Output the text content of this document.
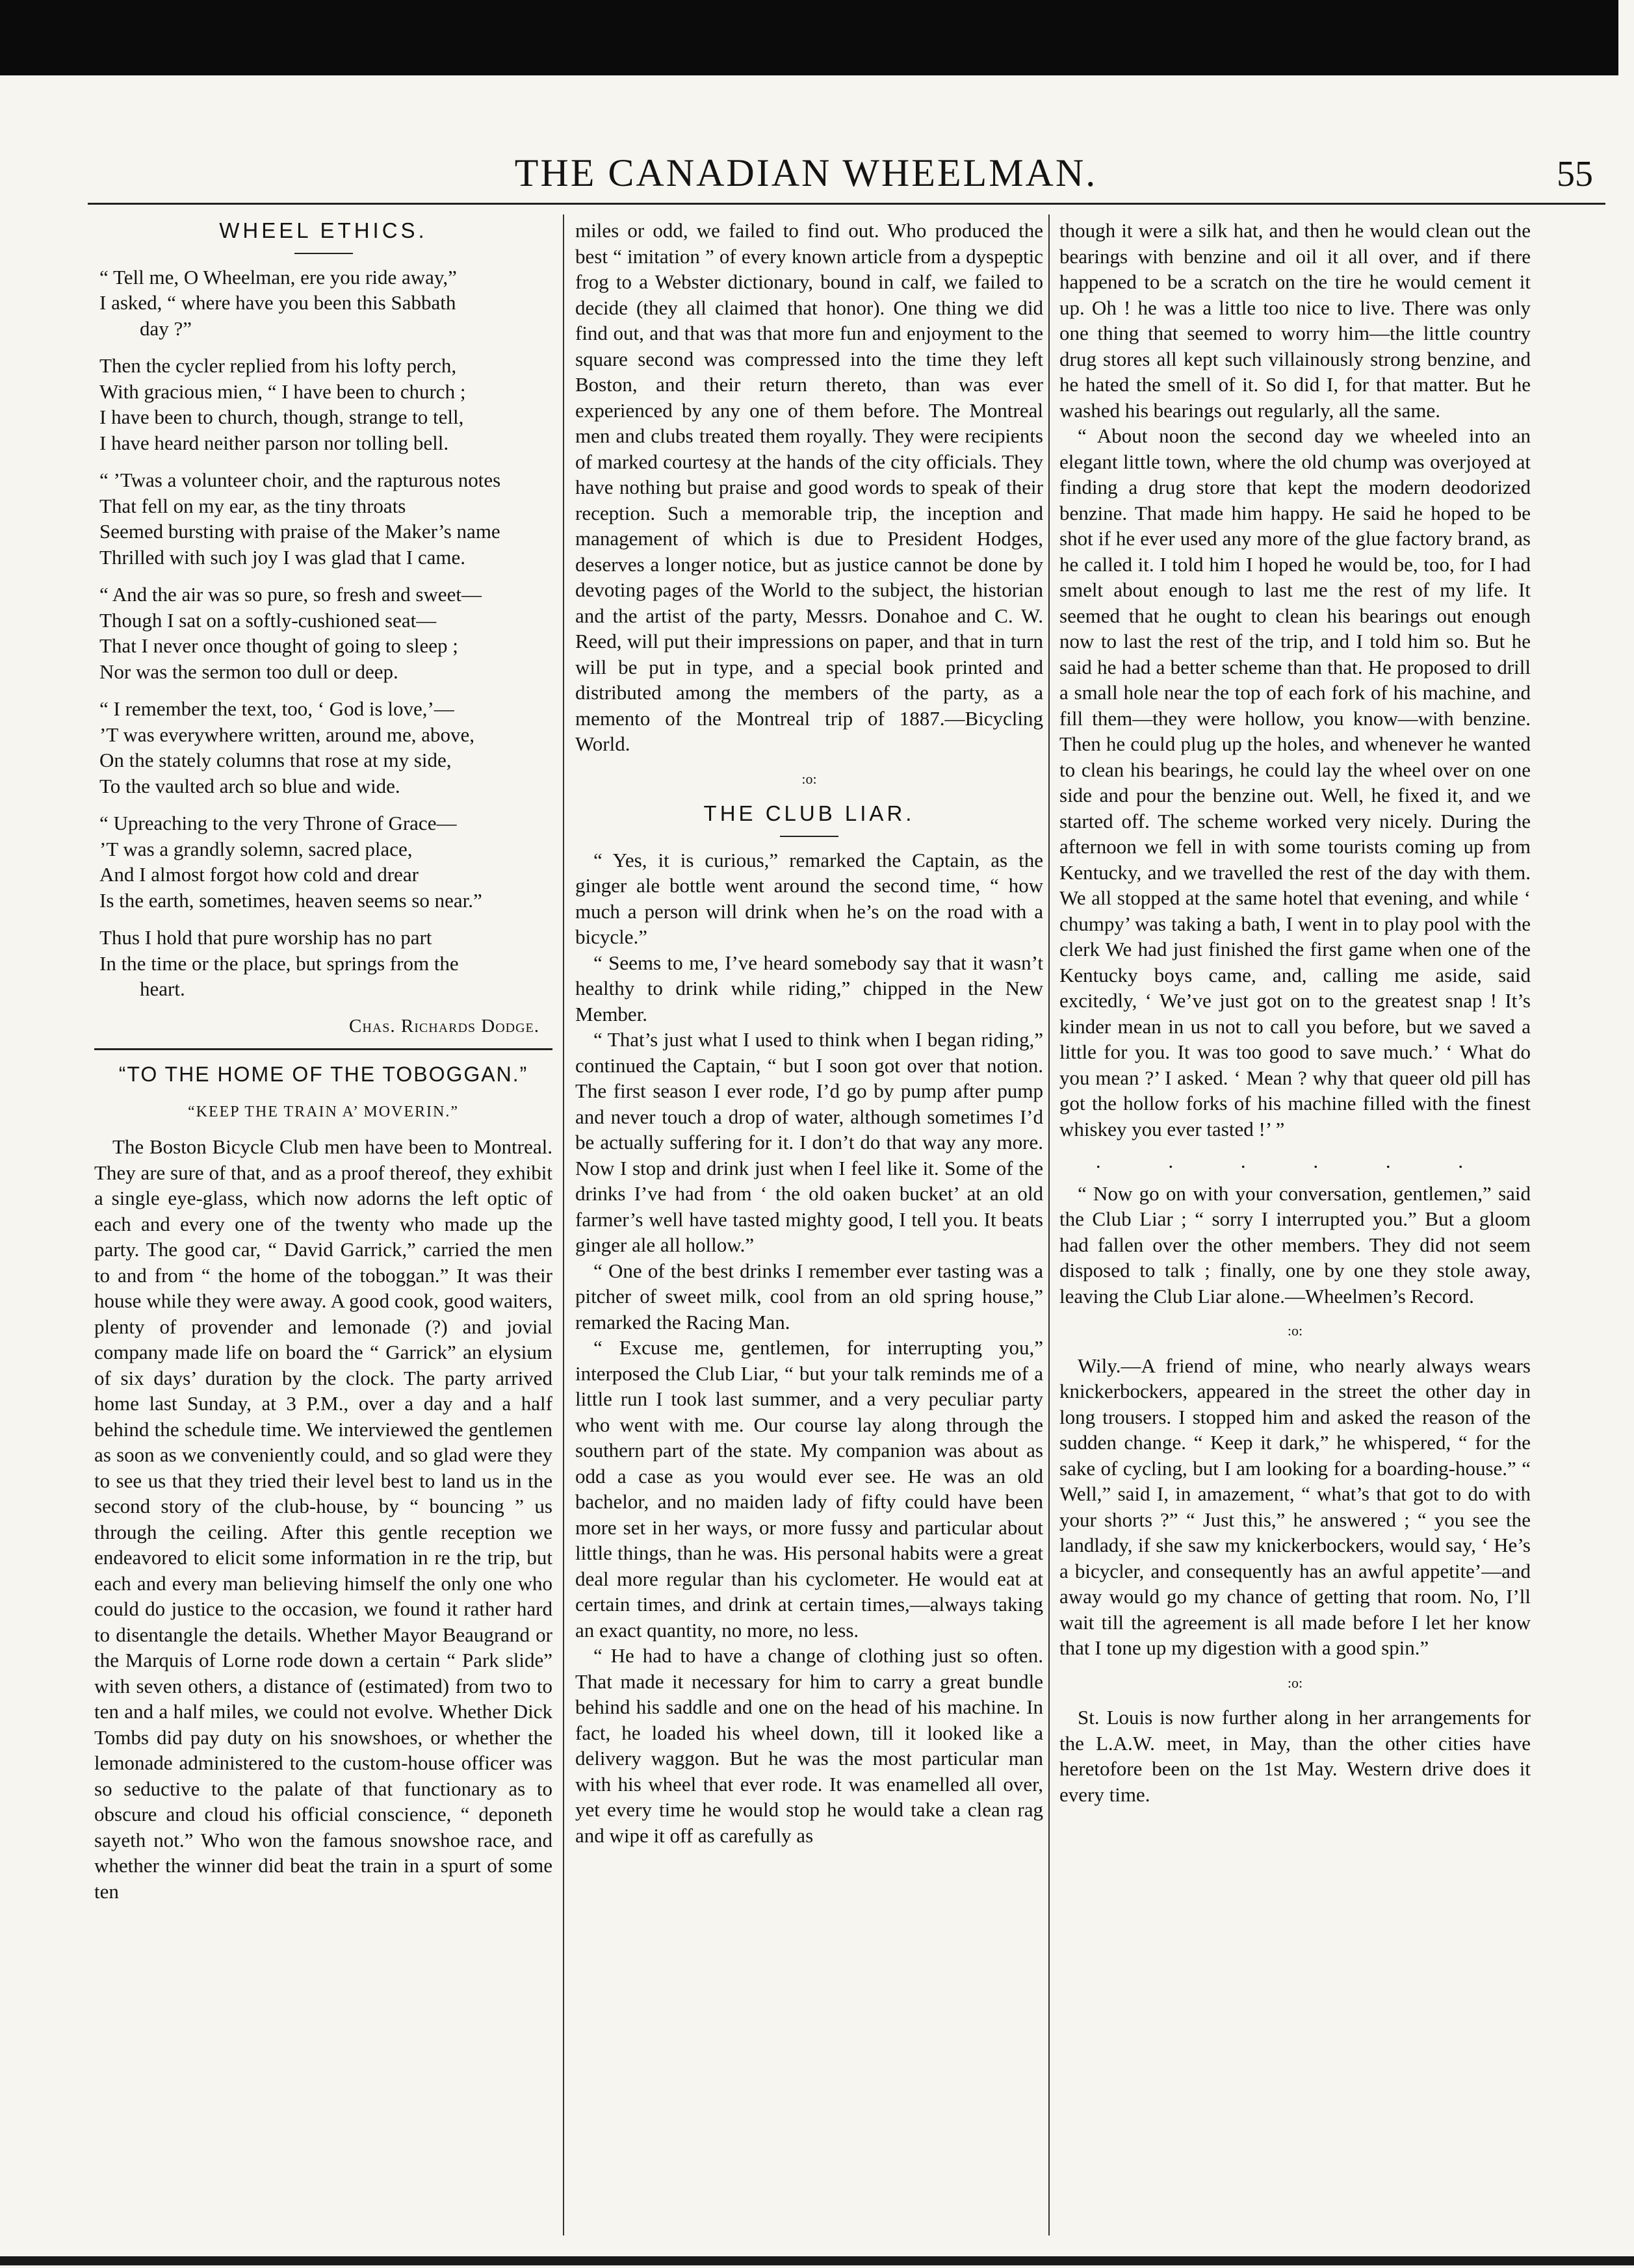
THE CANADIAN WHEELMAN.	55
WHEEL ETHICS.
“ Tell me, O Wheelman, ere you ride away,”
I asked, “ where have you been this Sabbath
day ?”
Then the cycler replied from his lofty perch,
With gracious mien, “ I have been to church ;
I have been to church, though, strange to tell,
I have heard neither parson nor tolling bell.
“ ’Twas a volunteer choir, and the rapturous notes
That fell on my ear, as the tiny throats
Seemed bursting with praise of the Maker’s name
Thrilled with such joy I was glad that I came.
“ And the air was so pure, so fresh and sweet—
Though I sat on a softly-cushioned seat—
That I never once thought of going to sleep ;
Nor was the sermon too dull or deep.
“ I remember the text, too, ‘ God is love,’—
’T was everywhere written, around me, above,
On the stately columns that rose at my side,
To the vaulted arch so blue and wide.
“ Upreaching to the very Throne of Grace—
’T was a grandly solemn, sacred place,
And I almost forgot how cold and drear
Is the earth, sometimes, heaven seems so near.”
Thus I hold that pure worship has no part
In the time or the place, but springs from the
heart.
Chas. Richards Dodge.
“TO THE HOME OF THE TOBOGGAN.”
“KEEP THE TRAIN A’ MOVERIN.”

The Boston Bicycle Club men have been to Montreal. They are sure of that, and as a proof thereof, they exhibit a single eye-glass, which now adorns the left optic of each and every one of the twenty who made up the party. The good car, “ David Garrick,” carried the men to and from “ the home of the toboggan.” It was their house while they were away. A good cook, good waiters, plenty of provender and lemonade (?) and jovial company made life on board the “ Garrick” an elysium of six days’ duration by the clock. The party arrived home last Sunday, at 3 P.M., over a day and a half behind the schedule time. We interviewed the gentlemen as soon as we conveniently could, and so glad were they to see us that they tried their level best to land us in the second story of the club-house, by “ bouncing ” us through the ceiling. After this gentle reception we endeavored to elicit some information in re the trip, but each and every man believing himself the only one who could do justice to the occasion, we found it rather hard to disentangle the details. Whether Mayor Beaugrand or the Marquis of Lorne rode down a certain “ Park slide” with seven others, a distance of (estimated) from two to ten and a half miles, we could not evolve. Whether Dick Tombs did pay duty on his snowshoes, or whether the lemonade administered to the custom-house officer was so seductive to the palate of that functionary as to obscure and cloud his official conscience, “ deponeth sayeth not.” Who won the famous snowshoe race, and whether the winner did beat the train in a spurt of some ten

miles or odd, we failed to find out. Who produced the best “ imitation ” of every known article from a dyspeptic frog to a Webster dictionary, bound in calf, we failed to decide (they all claimed that honor). One thing we did find out, and that was that more fun and enjoyment to the square second was compressed into the time they left Boston, and their return thereto, than was ever experienced by any one of them before. The Montreal men and clubs treated them royally. They were recipients of marked courtesy at the hands of the city officials. They have nothing but praise and good words to speak of their reception. Such a memorable trip, the inception and management of which is due to President Hodges, deserves a longer notice, but as justice cannot be done by devoting pages of the World to the subject, the historian and the artist of the party, Messrs. Donahoe and C. W. Reed, will put their impressions on paper, and that in turn will be put in type, and a special book printed and distributed among the members of the party, as a memento of the Montreal trip of 1887.—Bicycling World.

:o:
THE CLUB LIAR.

“ Yes, it is curious,” remarked the Captain, as the ginger ale bottle went around the second time, “ how much a person will drink when he’s on the road with a bicycle.”

“ Seems to me, I’ve heard somebody say that it wasn’t healthy to drink while riding,” chipped in the New Member.

“ That’s just what I used to think when I began riding,” continued the Captain, “ but I soon got over that notion. The first season I ever rode, I’d go by pump after pump and never touch a drop of water, although sometimes I’d be actually suffering for it. I don’t do that way any more. Now I stop and drink just when I feel like it. Some of the drinks I’ve had from ‘ the old oaken bucket’ at an old farmer’s well have tasted mighty good, I tell you. It beats ginger ale all hollow.”

“ One of the best drinks I remember ever tasting was a pitcher of sweet milk, cool from an old spring house,” remarked the Racing Man.

“ Excuse me, gentlemen, for interrupting you,” interposed the Club Liar, “ but your talk reminds me of a little run I took last summer, and a very peculiar party who went with me. Our course lay along through the southern part of the state. My companion was about as odd a case as you would ever see. He was an old bachelor, and no maiden lady of fifty could have been more set in her ways, or more fussy and particular about little things, than he was. His personal habits were a great deal more regular than his cyclometer. He would eat at certain times, and drink at certain times,—always taking an exact quantity, no more, no less.

“ He had to have a change of clothing just so often. That made it necessary for him to carry a great bundle behind his saddle and one on the head of his machine. In fact, he loaded his wheel down, till it looked like a delivery waggon. But he was the most particular man with his wheel that ever rode. It was enamelled all over, yet every time he would stop he would take a clean rag and wipe it off as carefully as

though it were a silk hat, and then he would clean out the bearings with benzine and oil it all over, and if there happened to be a scratch on the tire he would cement it up. Oh ! he was a little too nice to live. There was only one thing that seemed to worry him—the little country drug stores all kept such villainously strong benzine, and he hated the smell of it. So did I, for that matter. But he washed his bearings out regularly, all the same.

“ About noon the second day we wheeled into an elegant little town, where the old chump was overjoyed at finding a drug store that kept the modern deodorized benzine. That made him happy. He said he hoped to be shot if he ever used any more of the glue factory brand, as he called it. I told him I hoped he would be, too, for I had smelt about enough to last me the rest of my life. It seemed that he ought to clean his bearings out enough now to last the rest of the trip, and I told him so. But he said he had a better scheme than that. He proposed to drill a small hole near the top of each fork of his machine, and fill them—they were hollow, you know—with benzine. Then he could plug up the holes, and whenever he wanted to clean his bearings, he could lay the wheel over on one side and pour the benzine out. Well, he fixed it, and we started off. The scheme worked very nicely. During the afternoon we fell in with some tourists coming up from Kentucky, and we travelled the rest of the day with them. We all stopped at the same hotel that evening, and while ‘ chumpy’ was taking a bath, I went in to play pool with the clerk We had just finished the first game when one of the Kentucky boys came, and, calling me aside, said excitedly, ‘ We’ve just got on to the greatest snap ! It’s kinder mean in us not to call you before, but we saved a little for you. It was too good to save much.’ ‘ What do you mean ?’ I asked. ‘ Mean ? why that queer old pill has got the hollow forks of his machine filled with the finest whiskey you ever tasted !’ ”

. . . . . .

“ Now go on with your conversation, gentlemen,” said the Club Liar ; “ sorry I interrupted you.” But a gloom had fallen over the other members. They did not seem disposed to talk ; finally, one by one they stole away, leaving the Club Liar alone.—Wheelmen’s Record.

:o:

Wily.—A friend of mine, who nearly always wears knickerbockers, appeared in the street the other day in long trousers. I stopped him and asked the reason of the sudden change. “ Keep it dark,” he whispered, “ for the sake of cycling, but I am looking for a boarding-house.” “ Well,” said I, in amazement, “ what’s that got to do with your shorts ?” “ Just this,” he answered ; “ you see the landlady, if she saw my knickerbockers, would say, ‘ He’s a bicycler, and consequently has an awful appetite’—and away would go my chance of getting that room. No, I’ll wait till the agreement is all made before I let her know that I tone up my digestion with a good spin.”

:o:

St. Louis is now further along in her arrangements for the L.A.W. meet, in May, than the other cities have heretofore been on the 1st May. Western drive does it every time.
